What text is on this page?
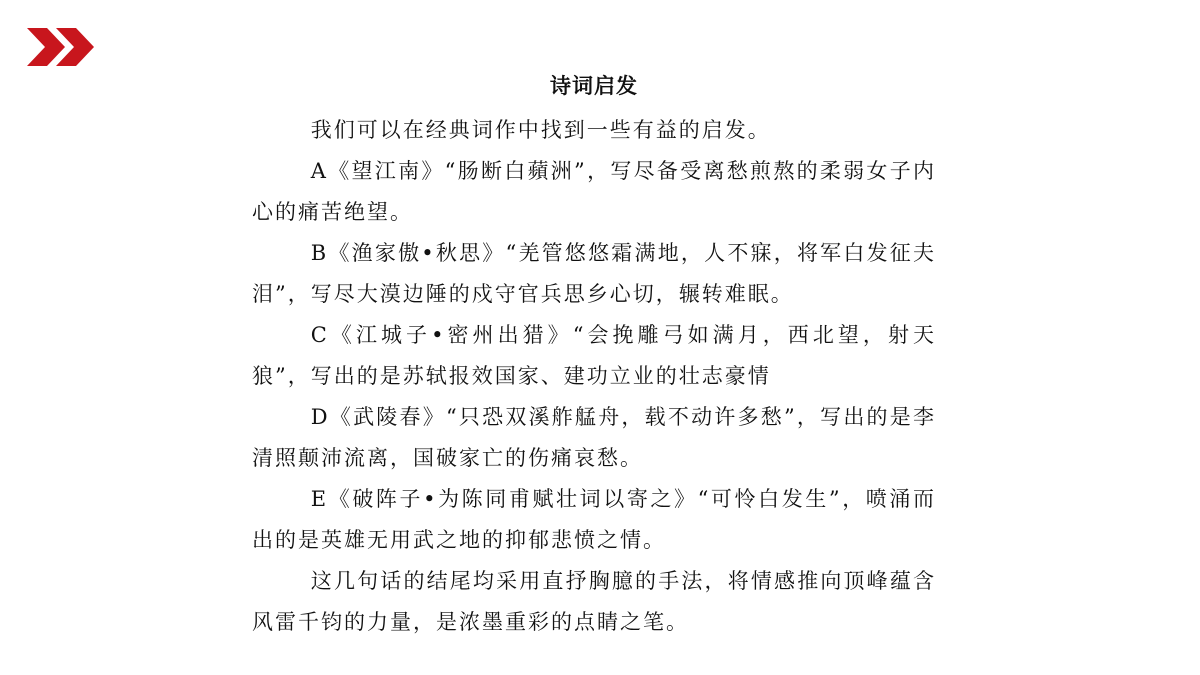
诗词启发

我们可以在经典词作中找到一些有益的启发。

A《望江南》“肠断白蘋洲”，写尽备受离愁煎熬的柔弱女子内心的痛苦绝望。

B《渔家傲•秋思》“羌管悠悠霜满地，人不寐，将军白发征夫泪”，写尽大漠边陲的戍守官兵思乡心切，辗转难眠。

C《江城子•密州出猎》“会挽雕弓如满月，西北望，射天狼”，写出的是苏轼报效国家、建功立业的壮志豪情

D《武陵春》“只恐双溪舴艋舟，载不动许多愁”，写出的是李清照颠沛流离，国破家亡的伤痛哀愁。

E《破阵子•为陈同甫赋壮词以寄之》“可怜白发生”，喷涌而出的是英雄无用武之地的抑郁悲愤之情。

这几句话的结尾均采用直抒胸臆的手法，将情感推向顶峰蕴含风雷千钧的力量，是浓墨重彩的点睛之笔。
